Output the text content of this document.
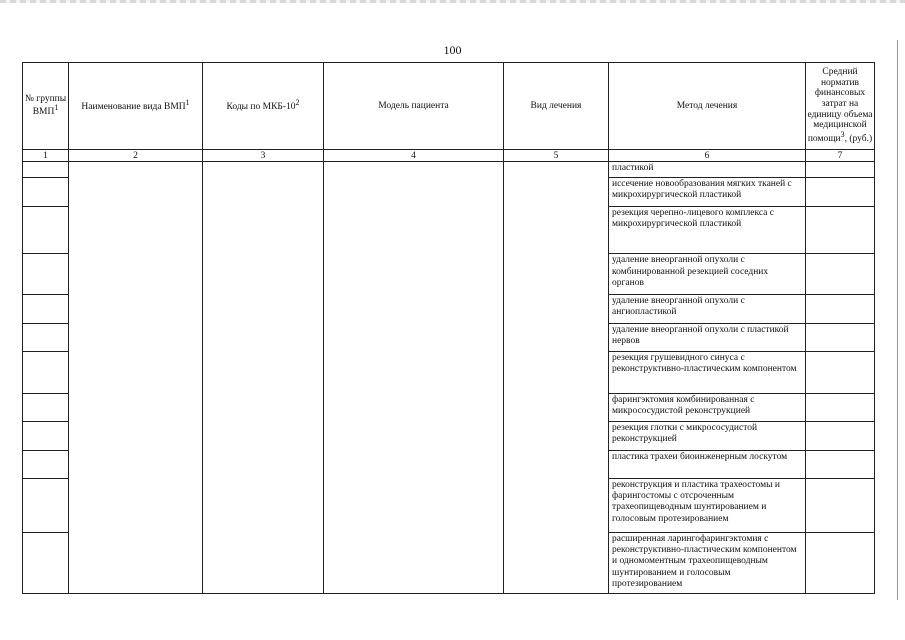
100
№ группы ВМП$^1$	Наименование вида ВМП$^1$	Коды по МКБ-$10^2$	Модель пациента	Вид лечения	Метод лечения	Средний норматив финансовых затрат на единицу объема медицинской помощи$^3$, (руб.)
1	2	3	4	5	6	7
					пластикой	
					иссечение новообразования мягких тканей с микрохирургической пластикой	
					резекция черепно-лицевого комплекса с микрохирургической пластикой	
					удаление внеорганной опухоли с комбинированной резекцией соседних органов	
					удаление внеорганной опухоли с ангиопластикой	
					удаление внеорганной опухоли с пластикой нервов	
					резекция грушевидного синуса с реконструктивно-пластическим компонентом	
					фарингэктомия комбинированная с микрососудистой реконструкцией	
					резекция глотки с микрососудистой реконструкцией	
					пластика трахеи биоинженерным лоскутом	
					реконструкция и пластика трахеостомы и фарингостомы с отсроченным трахеопищеводным шунтированием и голосовым протезированием	
					расширенная ларингофарингэктомия с реконструктивно-пластическим компонентом и одномоментным трахеопищеводным шунтированием и голосовым протезированием	
